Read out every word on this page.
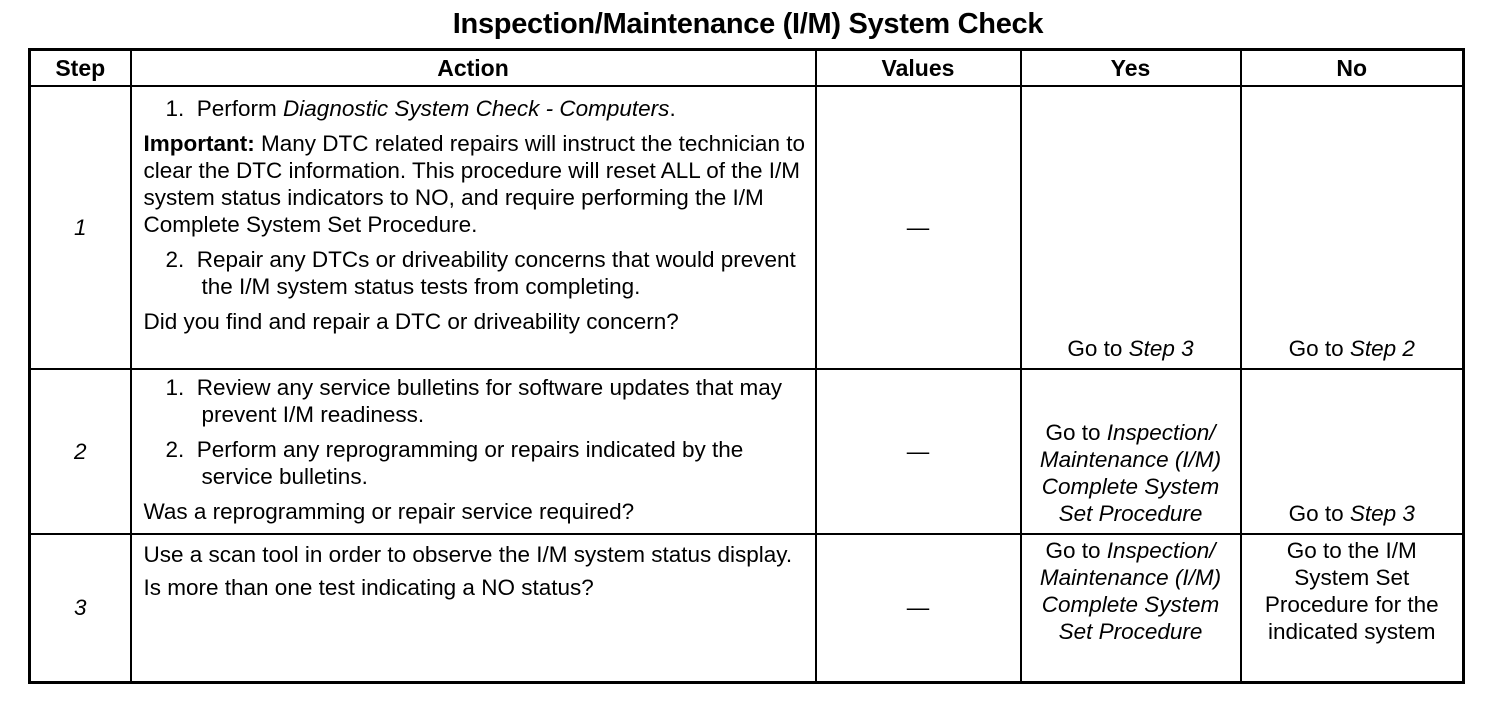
Inspection/Maintenance (I/M) System Check
Step	Action	Values	Yes	No
1	1. Perform Diagnostic System Check - Computers.
Important: Many DTC related repairs will instruct the technician to clear the DTC information. This procedure will reset ALL of the I/M system status indicators to NO, and require performing the I/M Complete System Set Procedure.
2. Repair any DTCs or driveability concerns that would prevent the I/M system status tests from completing.
Did you find and repair a DTC or driveability concern?	—	Go to Step 3	Go to Step 2

2	1. Review any service bulletins for software updates that may prevent I/M readiness.
2. Perform any reprogramming or repairs indicated by the service bulletins.
Was a reprogramming or repair service required?	—	Go to Inspection/ Maintenance (I/M) Complete System Set Procedure	Go to Step 3

3	Use a scan tool in order to observe the I/M system status display.
Is more than one test indicating a NO status?	—	Go to Inspection/ Maintenance (I/M) Complete System Set Procedure	Go to the I/M System Set Procedure for the indicated system
